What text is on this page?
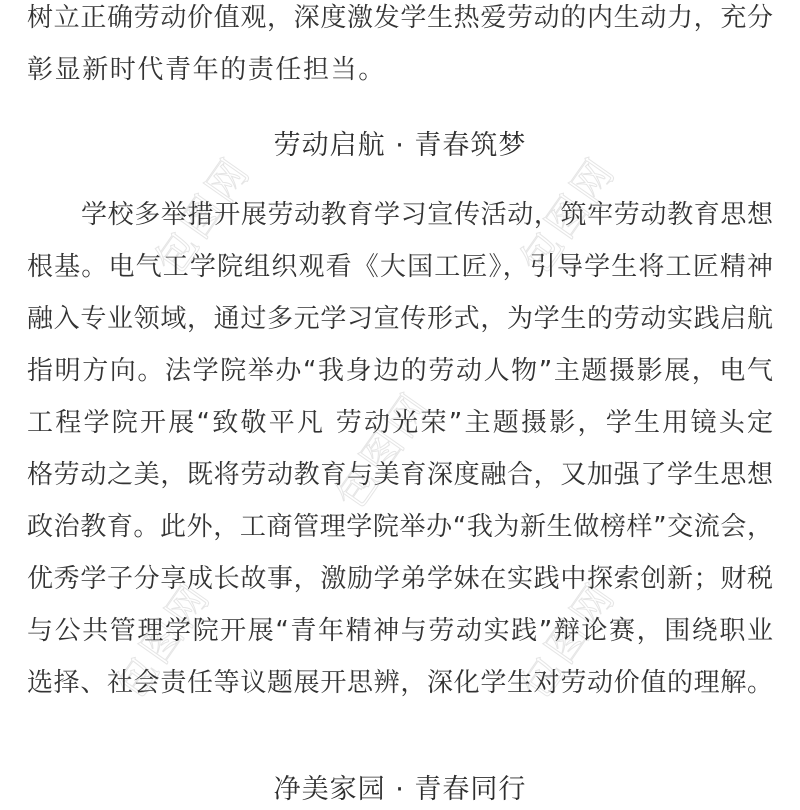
包图网	包图网
包图网
包图网	包图网
树立正确劳动价值观，深度激发学生热爱劳动的内生动力，充分
彰显新时代青年的责任担当。
劳动启航 · 青春筑梦
学校多举措开展劳动教育学习宣传活动，筑牢劳动教育思想
根基。电气工学院组织观看《大国工匠》，引导学生将工匠精神
融入专业领域，通过多元学习宣传形式，为学生的劳动实践启航
指明方向。法学院举办“我身边的劳动人物”主题摄影展，电气
工程学院开展“致敬平凡 劳动光荣”主题摄影，学生用镜头定
格劳动之美，既将劳动教育与美育深度融合，又加强了学生思想
政治教育。此外，工商管理学院举办“我为新生做榜样”交流会，
优秀学子分享成长故事，激励学弟学妹在实践中探索创新；财税
与公共管理学院开展“青年精神与劳动实践”辩论赛，围绕职业
选择、社会责任等议题展开思辨，深化学生对劳动价值的理解。
净美家园 · 青春同行
